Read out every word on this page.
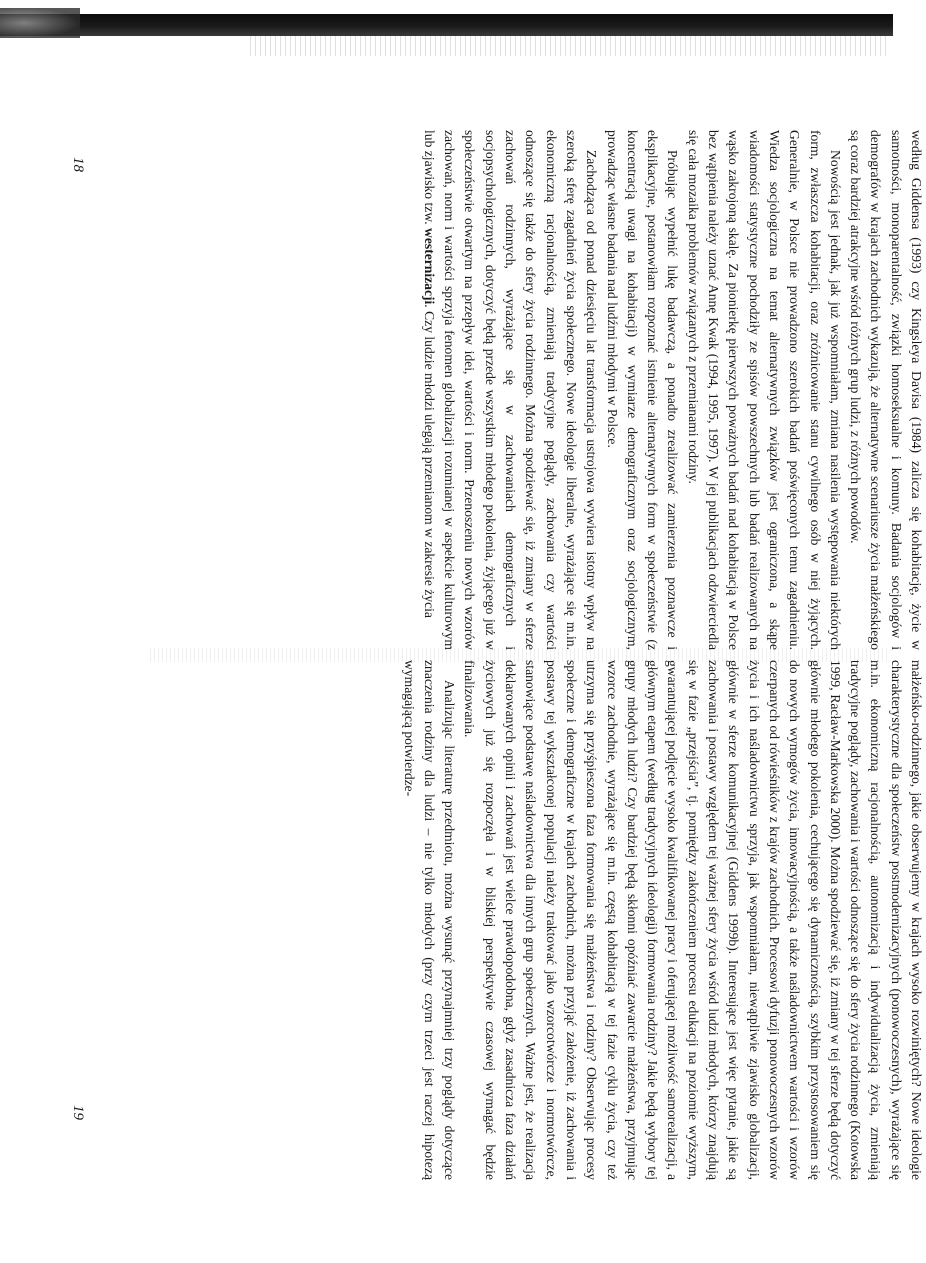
według Giddensa (1993) czy Kingsleya Davisa (1984) zalicza się kohabitację, życie w samotności, monoparentalność, związki homoseksualne i komuny. Badania socjologów i demografów w krajach zachodnich wykazują, że alternatywne scenariusze życia małżeńskiego są coraz bardziej atrakcyjne wśród różnych grup ludzi, z różnych powodów.

Nowością jest jednak, jak już wspomniałam, zmiana nasilenia występowania niektórych form, zwłaszcza kohabitacji, oraz zróżnicowanie stanu cywilnego osób w niej żyjących. Generalnie, w Polsce nie prowadzono szerokich badań poświęconych temu zagadnieniu. Wiedza socjologiczna na temat alternatywnych związków jest ograniczona, a skąpe wiadomości statystyczne pochodziły ze spisów powszechnych lub badań realizowanych na wąsko zakrojoną skalę. Za pionierkę pierwszych poważnych badań nad kohabitacją w Polsce bez wątpienia należy uznać Annę Kwak (1994, 1995, 1997). W jej publikacjach odzwierciedla się cała mozaika problemów związanych z przemianami rodziny.

Próbując wypełnić lukę badawczą, a ponadto zrealizować zamierzenia poznawcze i eksplikacyjne, postanowiłam rozpoznać istnienie alternatywnych form w społeczeństwie (z koncentracją uwagi na kohabitacji) w wymiarze demograficznym oraz socjologicznym, prowadząc własne badania nad ludźmi młodymi w Polsce.

Zachodząca od ponad dziesięciu lat transformacja ustrojowa wywiera istotny wpływ na szeroką sferę zagadnień życia społecznego. Nowe ideologie liberalne, wyrażające się m.in. ekonomiczną racjonalnością, zmieniają tradycyjne poglądy, zachowania czy wartości odnoszące się także do sfery życia rodzinnego. Można spodziewać się, iż zmiany w sferze zachowań rodzinnych, wyrażające się w zachowaniach demograficznych i socjopsychologicznych, dotyczyć będą przede wszystkim młodego pokolenia, żyjącego już w społeczeństwie otwartym na przepływ idei, wartości i norm. Przenoszeniu nowych wzorów zachowań, norm i wartości sprzyja fenomen globalizacji rozumianej w aspekcie kulturowym lub zjawisko tzw. westernizacji. Czy ludzie młodzi ulegają przemianom w zakresie życia

małżeńsko-rodzinnego, jakie obserwujemy w krajach wysoko rozwiniętych? Nowe ideologie charakterystyczne dla społeczeństw postmodernizacyjnych (ponowoczesnych), wyrażające się m.in. ekonomiczną racjonalnością, autonomizacją i indywidualizacją życia, zmieniają tradycyjne poglądy, zachowania i wartości odnoszące się do sfery życia rodzinnego (Kotowska 1999, Racław-Markowska 2000). Można spodziewać się, iż zmiany w tej sferze będą dotyczyć głównie młodego pokolenia, cechującego się dynamicznością, szybkim przystosowaniem się do nowych wymogów życia, innowacyjnością, a także naśladownictwem wartości i wzorów czerpanych od rówieśników z krajów zachodnich. Procesowi dyfuzji ponowoczesnych wzorów życia i ich naśladownictwu sprzyja, jak wspomniałam, niewątpliwie zjawisko globalizacji, głównie w sferze komunikacyjnej (Giddens 1999b). Interesujące jest więc pytanie, jakie są zachowania i postawy względem tej ważnej sfery życia wśród ludzi młodych, którzy znajdują się w fazie „przejścia”, tj. pomiędzy zakończeniem procesu edukacji na poziomie wyższym, gwarantującej podjęcie wysoko kwalifikowanej pracy i oferującej możliwość samorealizacji, a głównym etapem (według tradycyjnych ideologii) formowania rodziny? Jakie będą wybory tej grupy młodych ludzi? Czy bardziej będą skłonni opóźniać zawarcie małżeństwa, przyjmując wzorce zachodnie, wyrażające się m.in. częstą kohabitacją w tej fazie cyklu życia, czy też utrzyma się przyśpieszona faza formowania się małżeństwa i rodziny? Obserwując procesy społeczne i demograficzne w krajach zachodnich, można przyjąć założenie, iż zachowania i postawy tej wykształconej populacji należy traktować jako wzorcotwórcze i normotwórcze, stanowiące podstawę naśladownictwa dla innych grup społecznych. Ważne jest, że realizacja deklarowanych opinii i zachowań jest wielce prawdopodobna, gdyż zasadnicza faza działań życiowych już się rozpoczęła i w bliskiej perspektywie czasowej wymagać będzie finalizowania.

Analizując literaturę przedmiotu, można wysunąć przynajmniej trzy poglądy dotyczące znaczenia rodziny dla ludzi – nie tylko młodych (przy czym trzeci jest raczej hipotezą wymagającą potwierdze-

18
19
